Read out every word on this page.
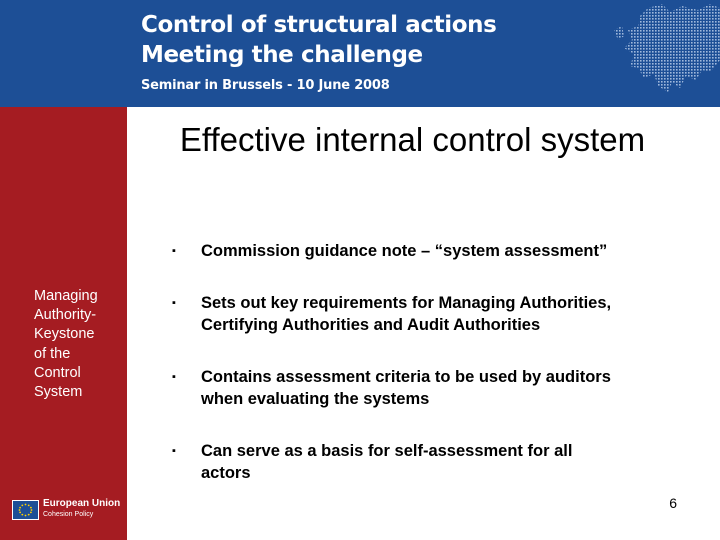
Control of structural actions
Meeting the challenge
Seminar in Brussels - 10 June 2008
Managing
Authority-
Keystone
of the
Control
System
European Union
Cohesion Policy
Effective internal control system
▪	Commission guidance note – “system assessment”
▪	Sets out key requirements for Managing Authorities,
Certifying Authorities and Audit Authorities
▪	Contains assessment criteria to be used by auditors
when evaluating the systems
▪	Can serve as a basis for self-assessment for all
actors
6
